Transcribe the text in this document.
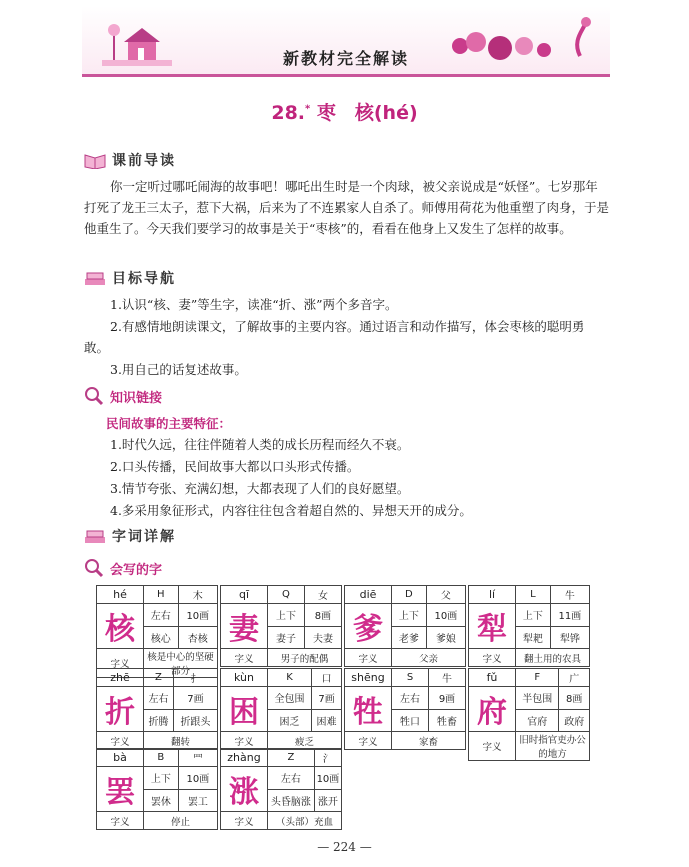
新教材完全解读
28.* 枣　核(hé)
课前导读
你一定听过哪吒闹海的故事吧！哪吒出生时是一个肉球，被父亲说成是“妖怪”。七岁那年打死了龙王三太子，惹下大祸，后来为了不连累家人自杀了。师傅用荷花为他重塑了肉身，于是他重生了。今天我们要学习的故事是关于“枣核”的，看看在他身上又发生了怎样的故事。
目标导航
1.认识“核、妻”等生字，读准“折、涨”两个多音字。
2.有感情地朗读课文，了解故事的主要内容。通过语言和动作描写，体会枣核的聪明勇敢。
3.用自己的话复述故事。
知识链接
民间故事的主要特征：
1.时代久远，往往伴随着人类的成长历程而经久不衰。
2.口头传播，民间故事大都以口头形式传播。
3.情节夸张、充满幻想，大都表现了人们的良好愿望。
4.多采用象征形式，内容往往包含着超自然的、异想天开的成分。
字词详解
会写的字
hé	H	木
核	左右	10画
	核心	杏核
字义	核是中心的坚硬部分	
qī	Q	女
妻	上下	8画
	妻子	夫妻
字义	男子的配偶	
diē	D	父
爹	上下	10画
	老爹	爹娘
字义	父亲	
lí	L	牛
犁	上下	11画
	犁耙	犁铧
字义	翻土用的农具	
zhē	Z	扌
折	左右	7画
	折腾	折跟头
字义	翻转	
kùn	K	口
困	全包围	7画
	困乏	困难
字义	疲乏	
shēng	S	牛
牲	左右	9画
	牲口	牲畜
字义	家畜	
fǔ	F	广
府	半包围	8画
	官府	政府
字义	旧时指官吏办公的地方	
bà	B	罒
罢	上下	10画
	罢休	罢工
字义	停止	
zhàng	Z	氵
涨	左右	10画
	头昏脑涨	涨开
字义	（头部）充血	
— 224 —
